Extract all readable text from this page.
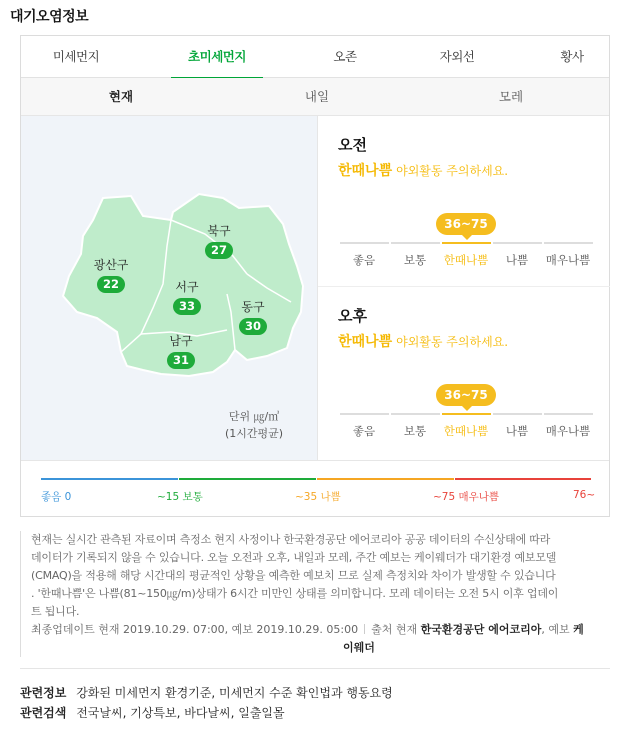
대기오염정보
미세먼지	초미세먼지	오존	자외선	황사
현재	내일	모레
광산구
22
북구
27
서구
33	동구
30
남구
31
단위 ㎍/㎥
(1시간평균)
오전
한때나쁨 야외활동 주의하세요.
36~75
좋음	보통	한때나쁨	나쁨	매우나쁨
오후
한때나쁨 야외활동 주의하세요.
36~75
좋음	보통	한때나쁨	나쁨	매우나쁨
좋음 0	~15 보통	~35 나쁨	~75 매우나쁨	76~
현재는 실시간 관측된 자료이며 측정소 현지 사정이나 한국환경공단 에어코리아 공공 데이터의 수신상태에 따라
데이터가 기록되지 않을 수 있습니다. 오늘 오전과 오후, 내일과 모레, 주간 예보는 케이웨더가 대기환경 예보모델
(CMAQ)을 적용해 해당 시간대의 평균적인 상황을 예측한 예보치 므로 실제 측정치와 차이가 발생할 수 있습니다
. '한때나쁨'은 나쁨(81~150㎍/m)상태가 6시간 미만인 상태를 의미합니다. 모레 데이터는 오전 5시 이후 업데이
트 됩니다.
최종업데이트 현재 2019.10.29. 07:00, 예보 2019.10.29. 05:00 출처 현재 한국환경공단 에어코리아, 예보 케
이웨더
관련정보 강화된 미세먼지 환경기준, 미세먼지 수준 확인법과 행동요령
관련검색 전국날씨, 기상특보, 바다날씨, 일출일몰
